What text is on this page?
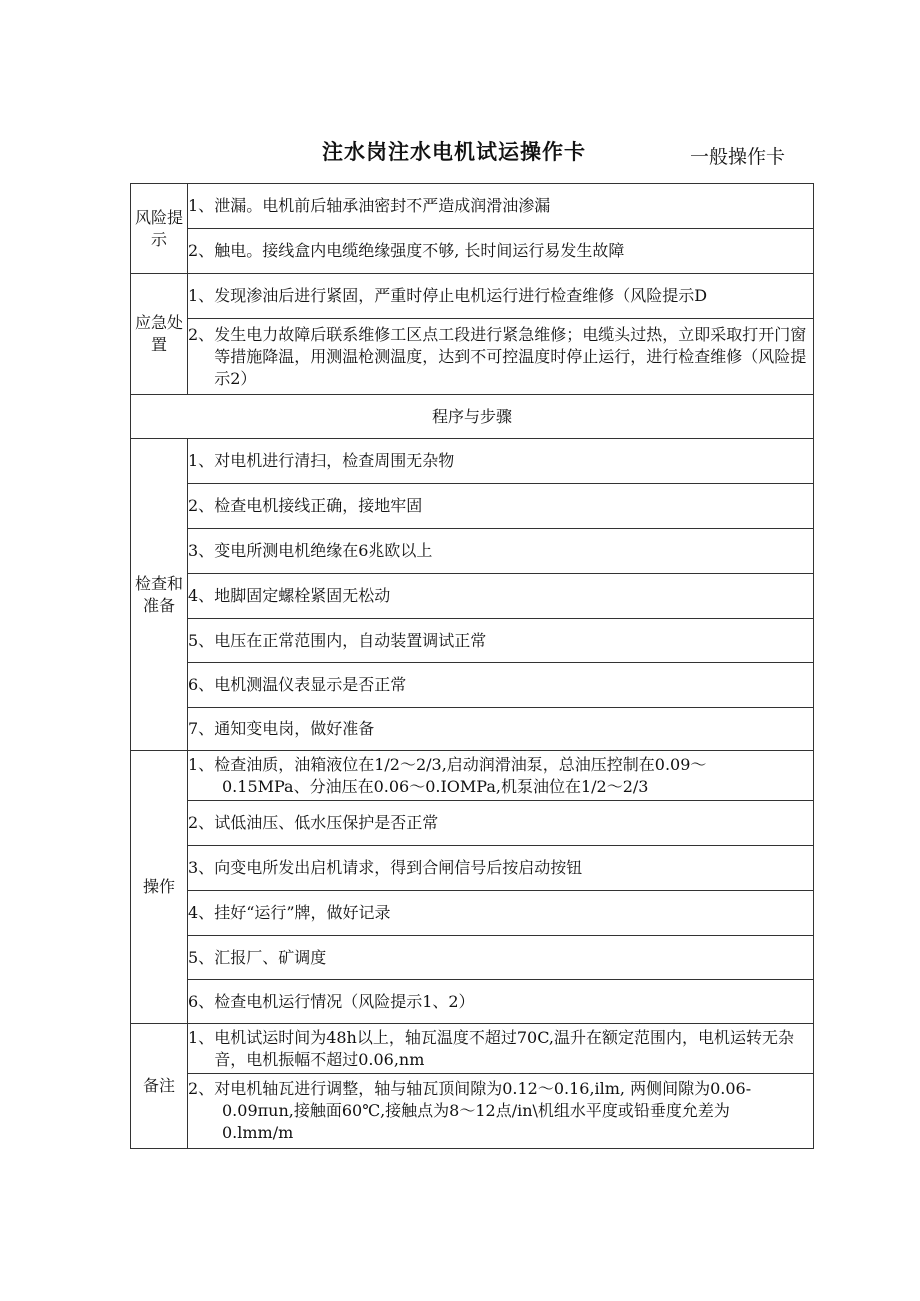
注水岗注水电机试运操作卡	一般操作卡
风险提示	1、 泄漏。电机前后轴承油密封不严造成润滑油渗漏

	2、 触电。接线盒内电缆绝缘强度不够, 长时间运行易发生故障

应急处置	1、 发现渗油后进行紧固，严重时停止电机运行进行检查维修（风险提示D

	2、 发生电力故障后联系维修工区点工段进行紧急维修；电缆头过热，立即采取打开门窗等措施降温，用测温枪测温度，达到不可控温度时停止运行，进行检查维修（风险提示2）

程序与步骤	
检查和准备	1、 对电机进行清扫，检查周围无杂物

	2、 检查电机接线正确，接地牢固

	3、 变电所测电机绝缘在6兆欧以上

	4、 地脚固定螺栓紧固无松动

	5、 电压在正常范围内，自动装置调试正常

	6、 电机测温仪表显示是否正常

	7、 通知变电岗，做好准备

操作	1、 检查油质，油箱液位在1/2～2/3,启动润滑油泵，总油压控制在0.09～
0.15MPa、分油压在0.06～0.IOMPa,机泵油位在1/2～2/3

	2、 试低油压、低水压保护是否正常

	3、 向变电所发出启机请求，得到合闸信号后按启动按钮

	4、 挂好“运行”牌，做好记录

	5、 汇报厂、矿调度

	6、 检查电机运行情况（风险提示1、2）

备注	1、 电机试运时间为48h以上，轴瓦温度不超过70C,温升在额定范围内，电机运转无杂音，电机振幅不超过0.06,nm

	2、 对电机轴瓦进行调整，轴与轴瓦顶间隙为0.12～0.16,ilm, 两侧间隙为0.06-
0.09πun,接触面60℃,接触点为8～12点/in\机组水平度或铅垂度允差为
0.lmm/m
